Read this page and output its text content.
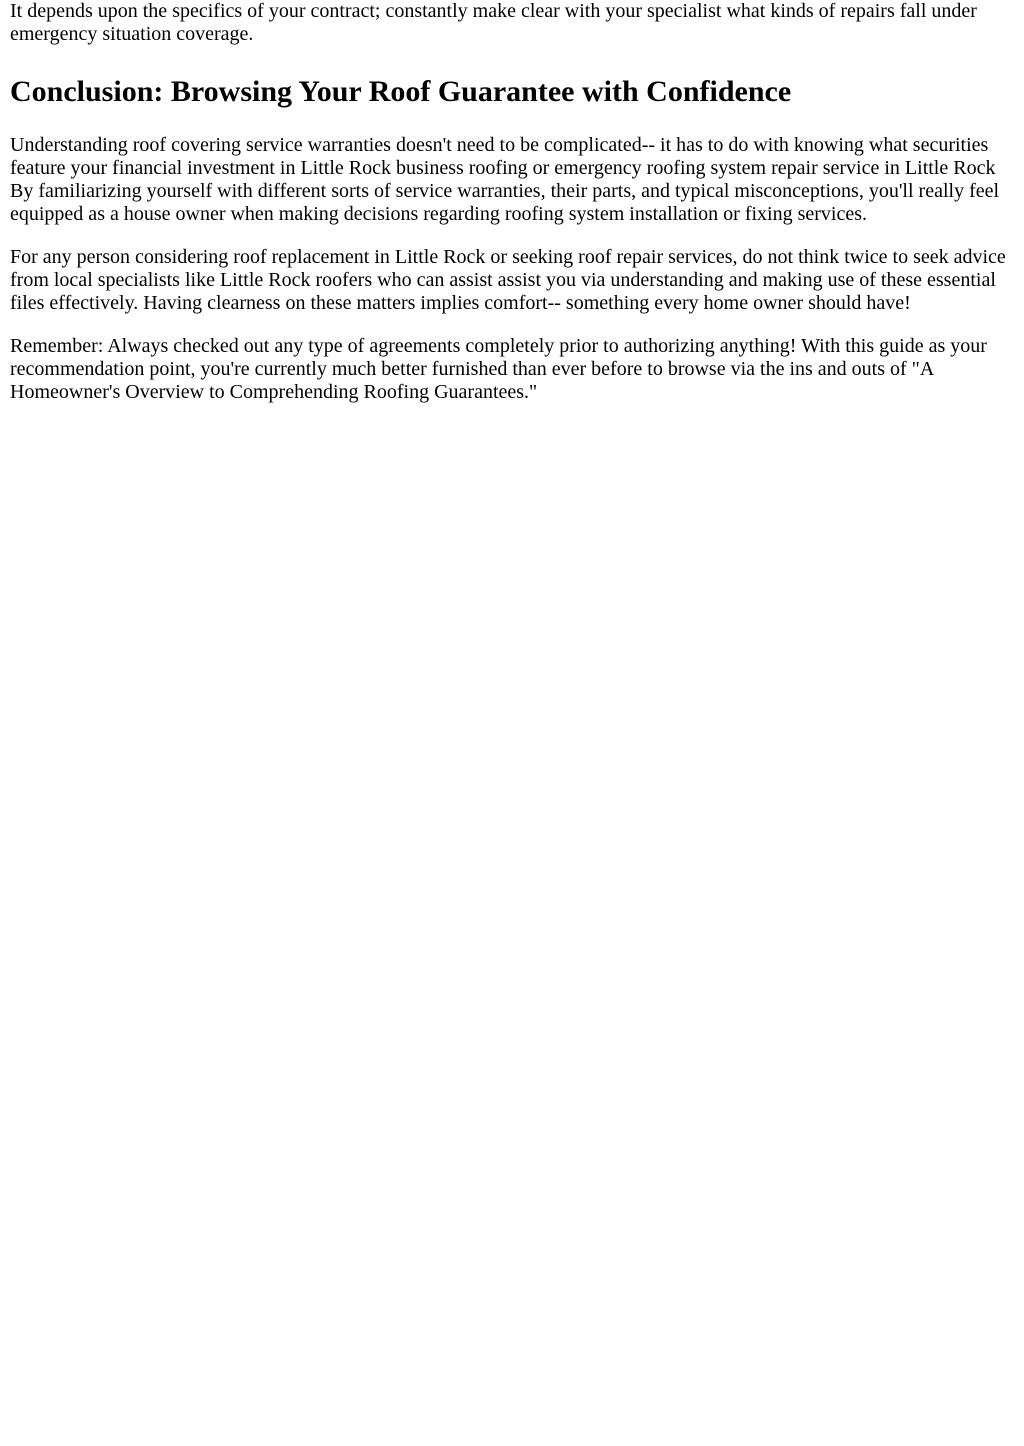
It depends upon the specifics of your contract; constantly make clear with your specialist what kinds of repairs fall under emergency situation coverage.

Conclusion: Browsing Your Roof Guarantee with Confidence

Understanding roof covering service warranties doesn't need to be complicated-- it has to do with knowing what securities feature your financial investment in Little Rock business roofing or emergency roofing system repair service in Little Rock By familiarizing yourself with different sorts of service warranties, their parts, and typical misconceptions, you'll really feel equipped as a house owner when making decisions regarding roofing system installation or fixing services.

For any person considering roof replacement in Little Rock or seeking roof repair services, do not think twice to seek advice from local specialists like Little Rock roofers who can assist assist you via understanding and making use of these essential files effectively. Having clearness on these matters implies comfort-- something every home owner should have!

Remember: Always checked out any type of agreements completely prior to authorizing anything! With this guide as your recommendation point, you're currently much better furnished than ever before to browse via the ins and outs of "A Homeowner's Overview to Comprehending Roofing Guarantees."
